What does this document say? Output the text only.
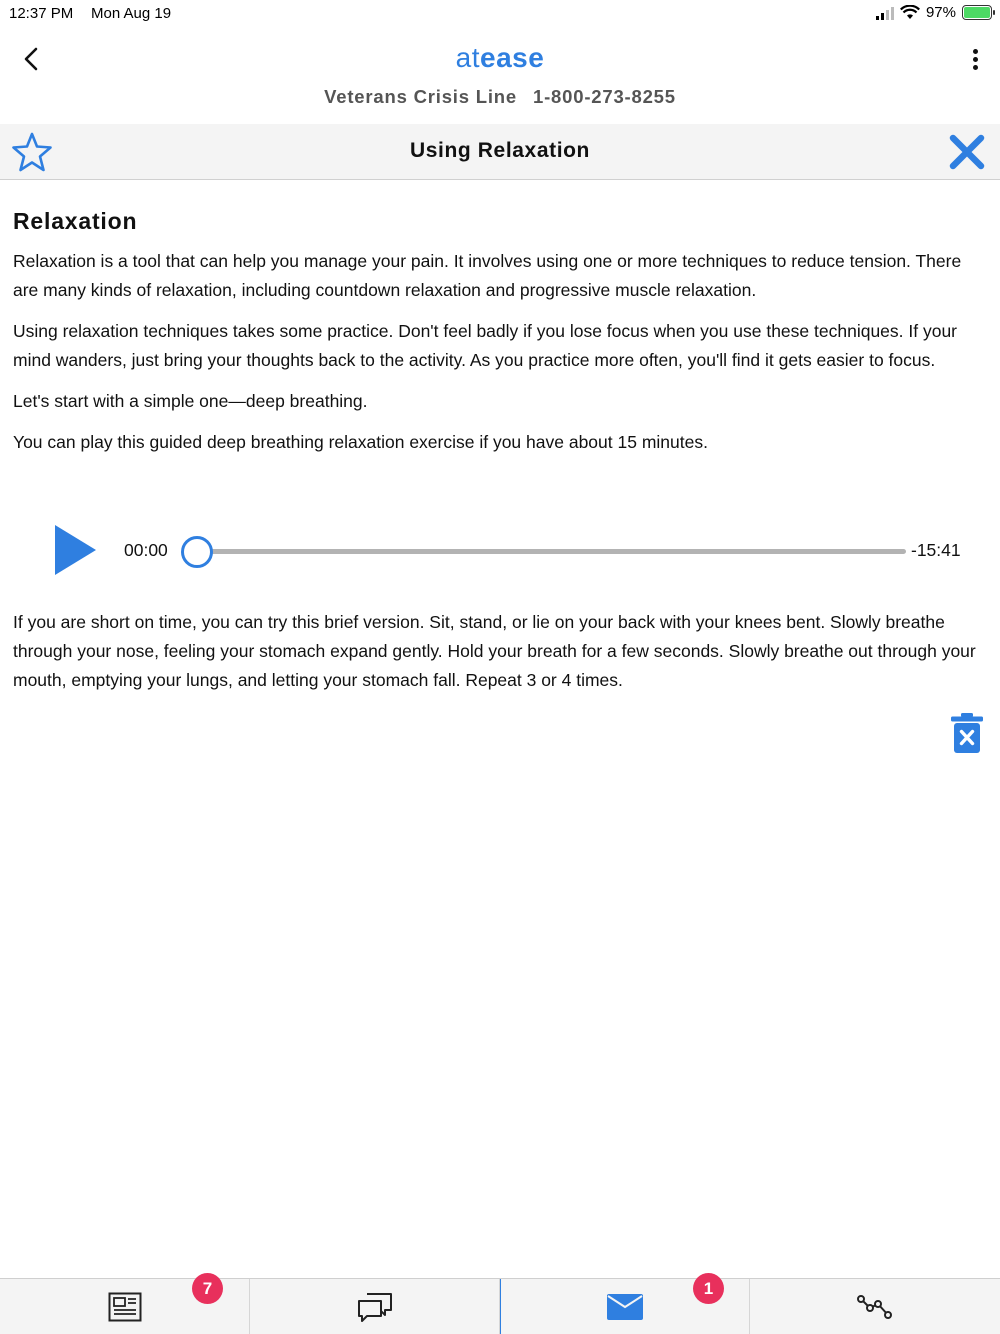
12:37 PM Mon Aug 19	97%
atease
Veterans Crisis Line 1-800-273-8255
Using Relaxation
Relaxation

Relaxation is a tool that can help you manage your pain. It involves using one or more techniques to reduce tension. There are many kinds of relaxation, including countdown relaxation and progressive muscle relaxation.

Using relaxation techniques takes some practice. Don't feel badly if you lose focus when you use these techniques. If your mind wanders, just bring your thoughts back to the activity. As you practice more often, you'll find it gets easier to focus.

Let's start with a simple one—deep breathing.

You can play this guided deep breathing relaxation exercise if you have about 15 minutes.

00:00	-15:41

If you are short on time, you can try this brief version. Sit, stand, or lie on your back with your knees bent. Slowly breathe through your nose, feeling your stomach expand gently. Hold your breath for a few seconds. Slowly breathe out through your mouth, emptying your lungs, and letting your stomach fall. Repeat 3 or 4 times.

7	1
